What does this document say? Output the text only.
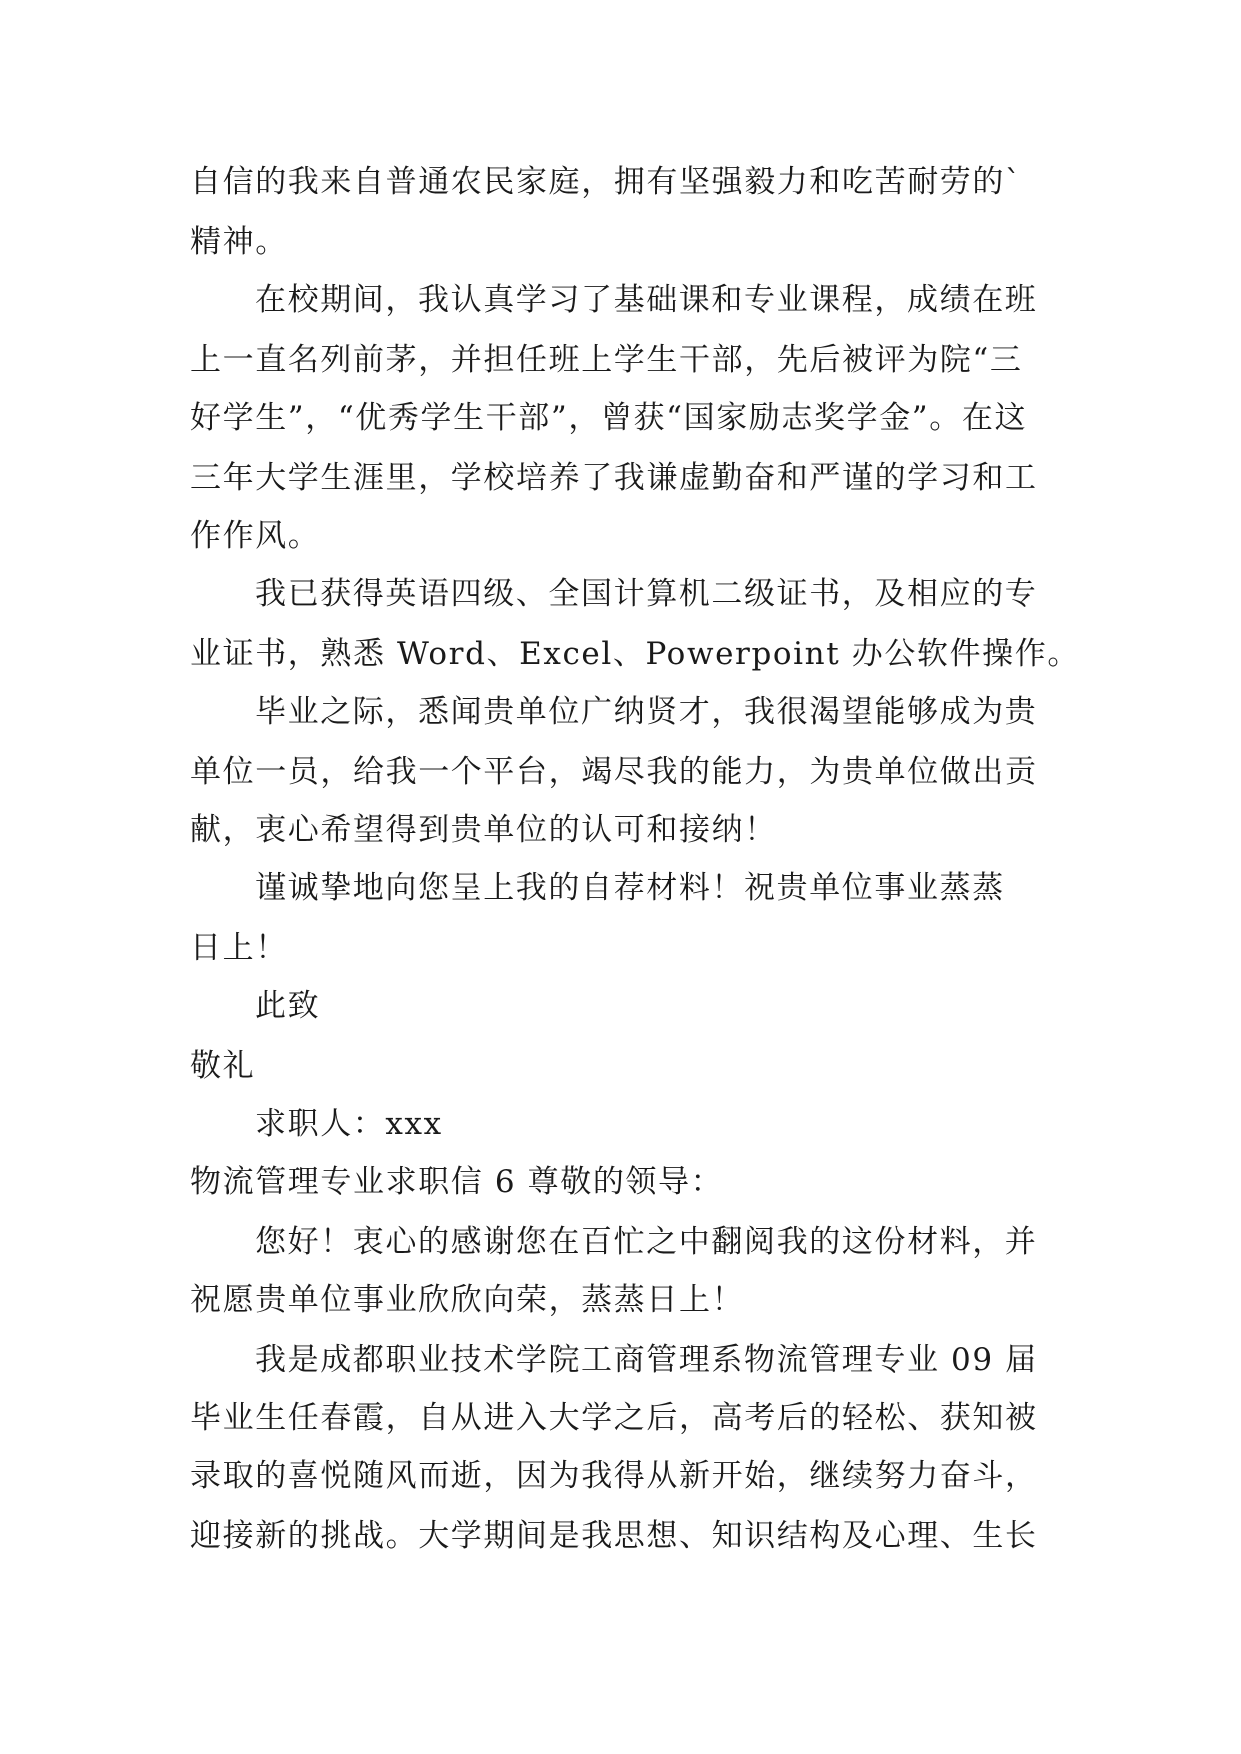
自信的我来自普通农民家庭，拥有坚强毅力和吃苦耐劳的`
精神。
在校期间，我认真学习了基础课和专业课程，成绩在班
上一直名列前茅，并担任班上学生干部，先后被评为院“三
好学生”，“优秀学生干部”，曾获“国家励志奖学金”。在这
三年大学生涯里，学校培养了我谦虚勤奋和严谨的学习和工
作作风。
我已获得英语四级、全国计算机二级证书，及相应的专
业证书，熟悉 Word、Excel、Powerpoint 办公软件操作。
毕业之际，悉闻贵单位广纳贤才，我很渴望能够成为贵
单位一员，给我一个平台，竭尽我的能力，为贵单位做出贡
献，衷心希望得到贵单位的认可和接纳！
谨诚挚地向您呈上我的自荐材料！祝贵单位事业蒸蒸
日上！
此致
敬礼
求职人：xxx
物流管理专业求职信 6 尊敬的领导：
您好！衷心的感谢您在百忙之中翻阅我的这份材料，并
祝愿贵单位事业欣欣向荣，蒸蒸日上！
我是成都职业技术学院工商管理系物流管理专业 09 届
毕业生任春霞，自从进入大学之后，高考后的轻松、获知被
录取的喜悦随风而逝，因为我得从新开始，继续努力奋斗，
迎接新的挑战。大学期间是我思想、知识结构及心理、生长
